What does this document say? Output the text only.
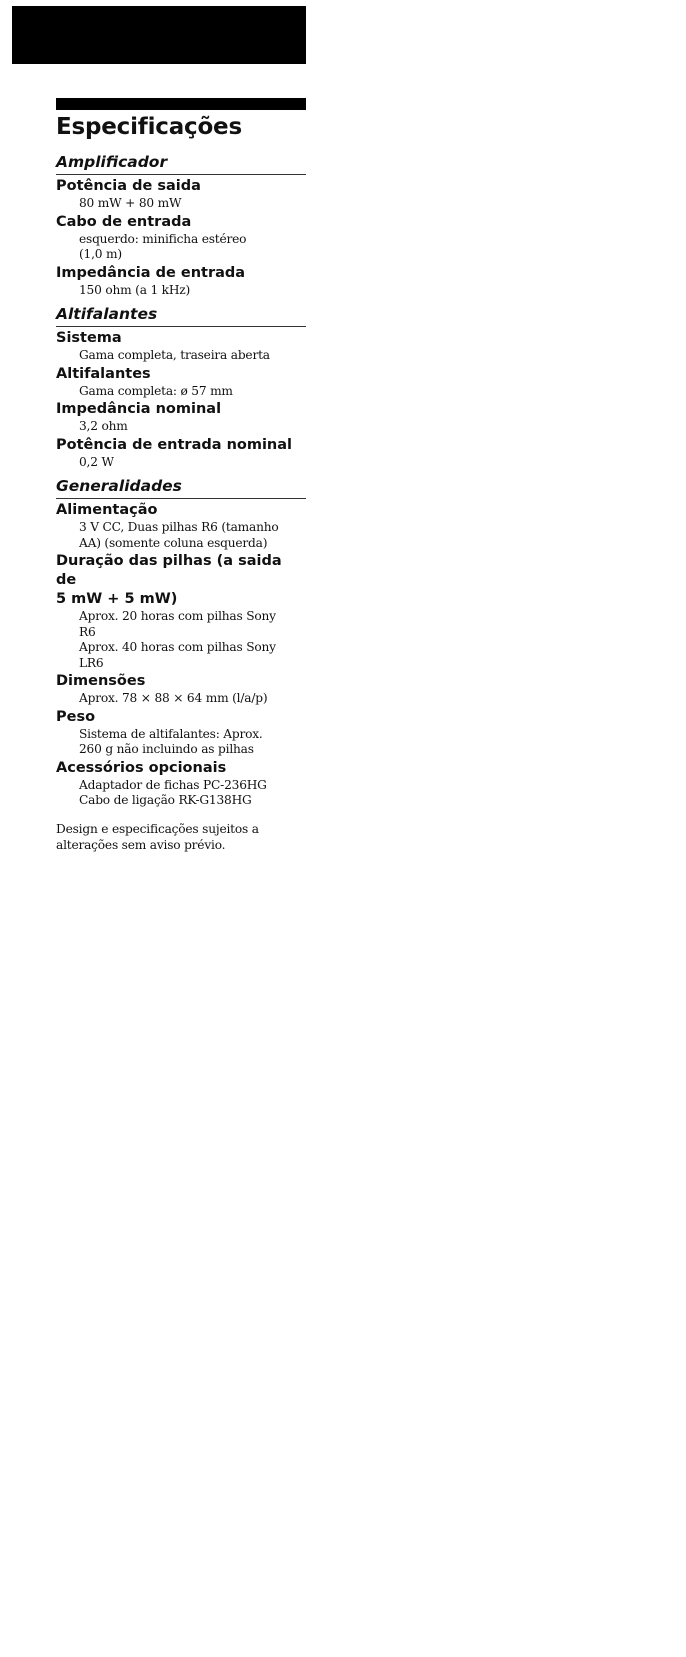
Especificações
Amplificador
Potência de saida
80 mW + 80 mW
Cabo de entrada
esquerdo: minificha estéreo
(1,0 m)
Impedância de entrada
150 ohm (a 1 kHz)
Altifalantes
Sistema
Gama completa, traseira aberta
Altifalantes
Gama completa: ø 57 mm
Impedância nominal
3,2 ohm
Potência de entrada nominal
0,2 W
Generalidades
Alimentação
3 V CC, Duas pilhas R6 (tamanho
AA) (somente coluna esquerda)
Duração das pilhas (a saida de
5 mW + 5 mW)
Aprox. 20 horas com pilhas Sony
R6
Aprox. 40 horas com pilhas Sony
LR6
Dimensões
Aprox. 78 × 88 × 64 mm (l/a/p)
Peso
Sistema de altifalantes: Aprox.
260 g não incluindo as pilhas
Acessórios opcionais
Adaptador de fichas PC-236HG
Cabo de ligação RK-G138HG
Design e especificações sujeitos a
alterações sem aviso prévio.
